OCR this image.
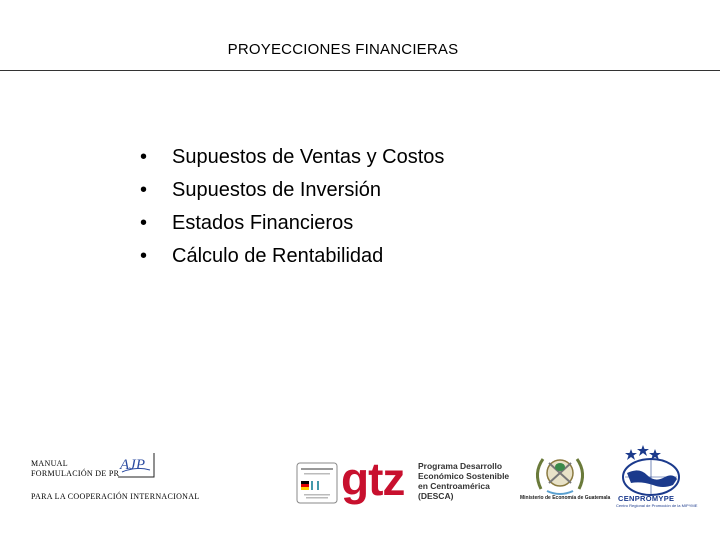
PROYECCIONES FINANCIERAS
• Supuestos de Ventas y Costos
• Supuestos de Inversión
• Estados Financieros
• Cálculo de Rentabilidad
MANUAL
FORMULACIÓN DE PR
AJP
PARA LA COOPERACIÓN INTERNACIONAL	gtz Programa Desarrollo
Económico Sostenible
en Centroamérica
(DESCA)	Ministerio de Economía de Guatemala CENPROMYPE
Centro Regional de Promoción de la MIPYME
